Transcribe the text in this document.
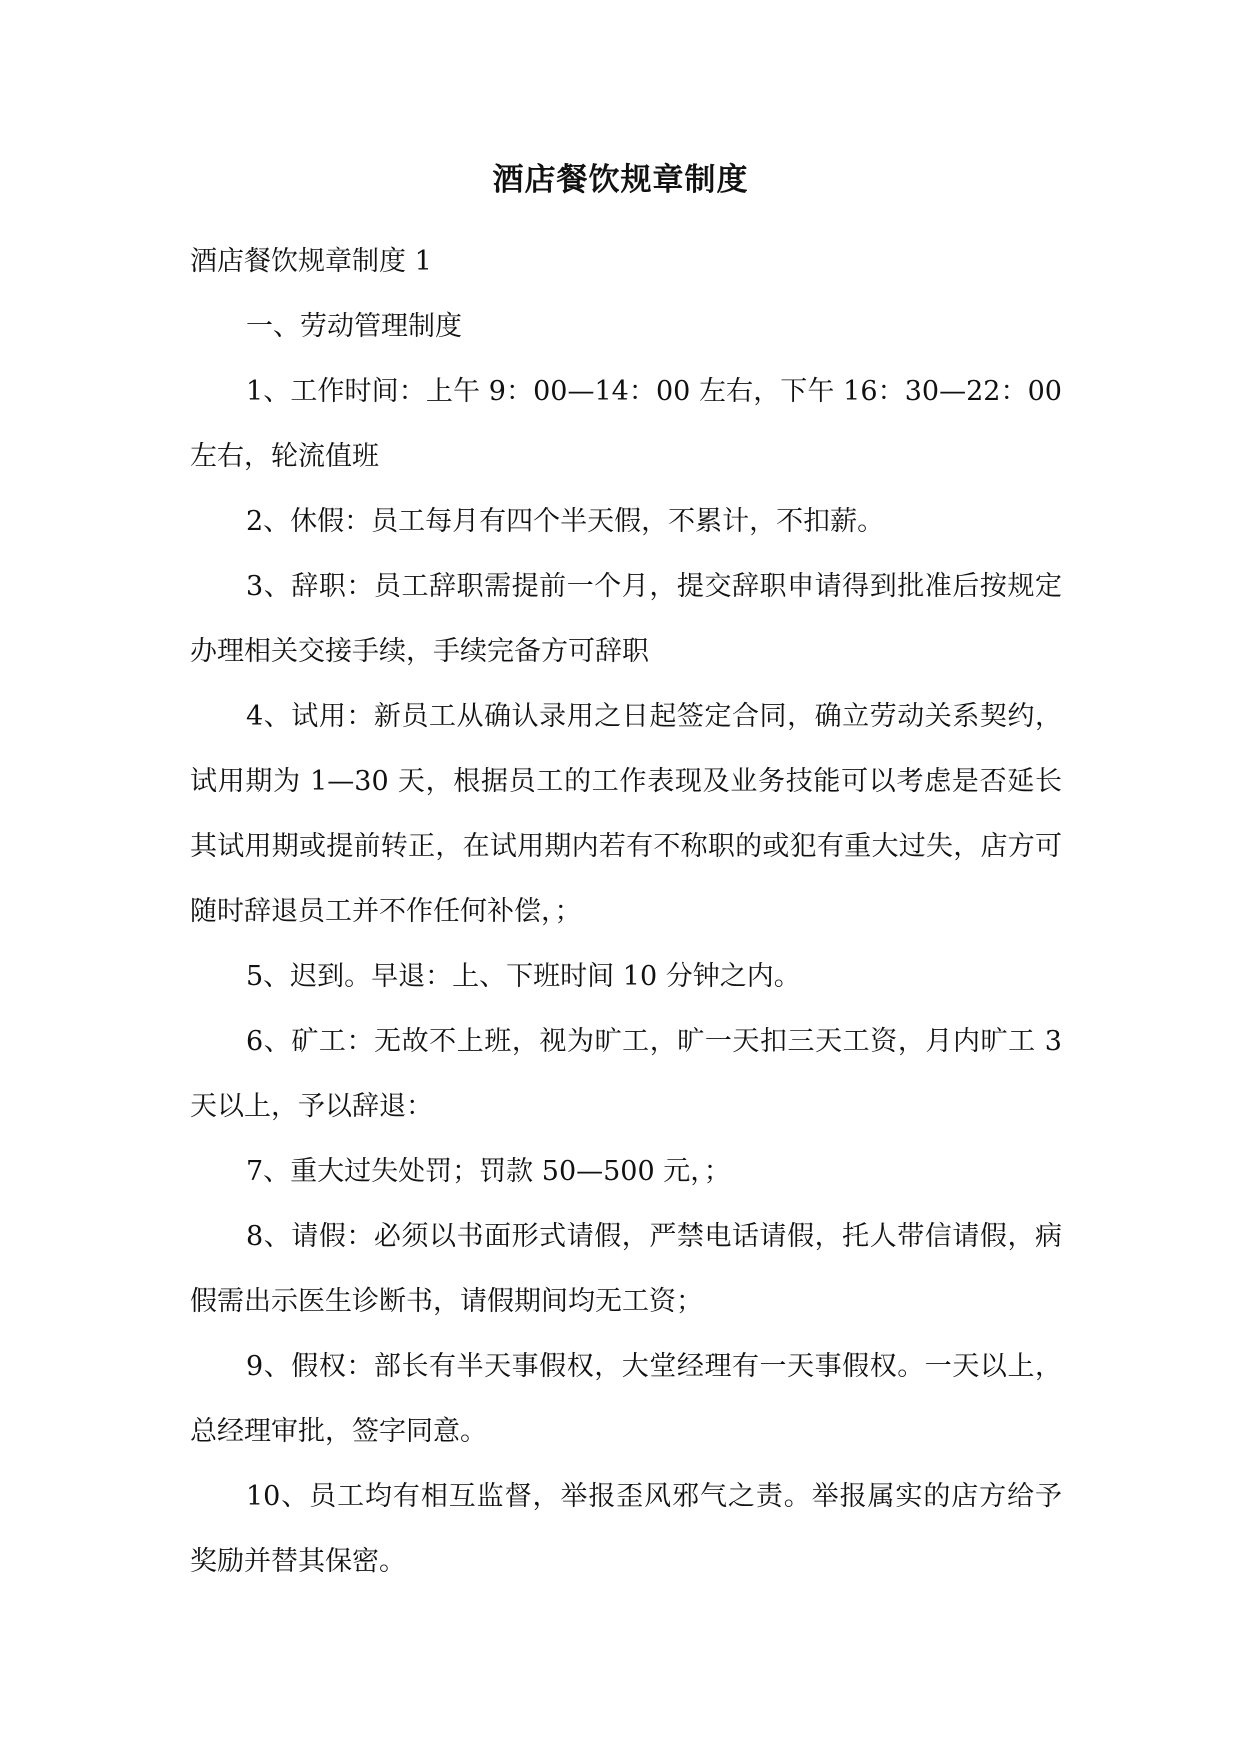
酒店餐饮规章制度

酒店餐饮规章制度 1

一、劳动管理制度

1、工作时间：上午 9：00—14：00 左右，下午 16：30—22：00 左右，轮流值班

2、休假：员工每月有四个半天假，不累计，不扣薪。

3、辞职：员工辞职需提前一个月，提交辞职申请得到批准后按规定办理相关交接手续，手续完备方可辞职

4、试用：新员工从确认录用之日起签定合同，确立劳动关系契约，试用期为 1—30 天，根据员工的工作表现及业务技能可以考虑是否延长其试用期或提前转正，在试用期内若有不称职的或犯有重大过失，店方可随时辞退员工并不作任何补偿，；

5、迟到。早退：上、下班时间 10 分钟之内。

6、矿工：无故不上班，视为旷工，旷一天扣三天工资，月内旷工 3 天以上，予以辞退：

7、重大过失处罚；罚款 50—500 元，；

8、请假：必须以书面形式请假，严禁电话请假，托人带信请假，病假需出示医生诊断书，请假期间均无工资；

9、假权：部长有半天事假权，大堂经理有一天事假权。一天以上，总经理审批，签字同意。

10、员工均有相互监督，举报歪风邪气之责。举报属实的店方给予奖励并替其保密。
